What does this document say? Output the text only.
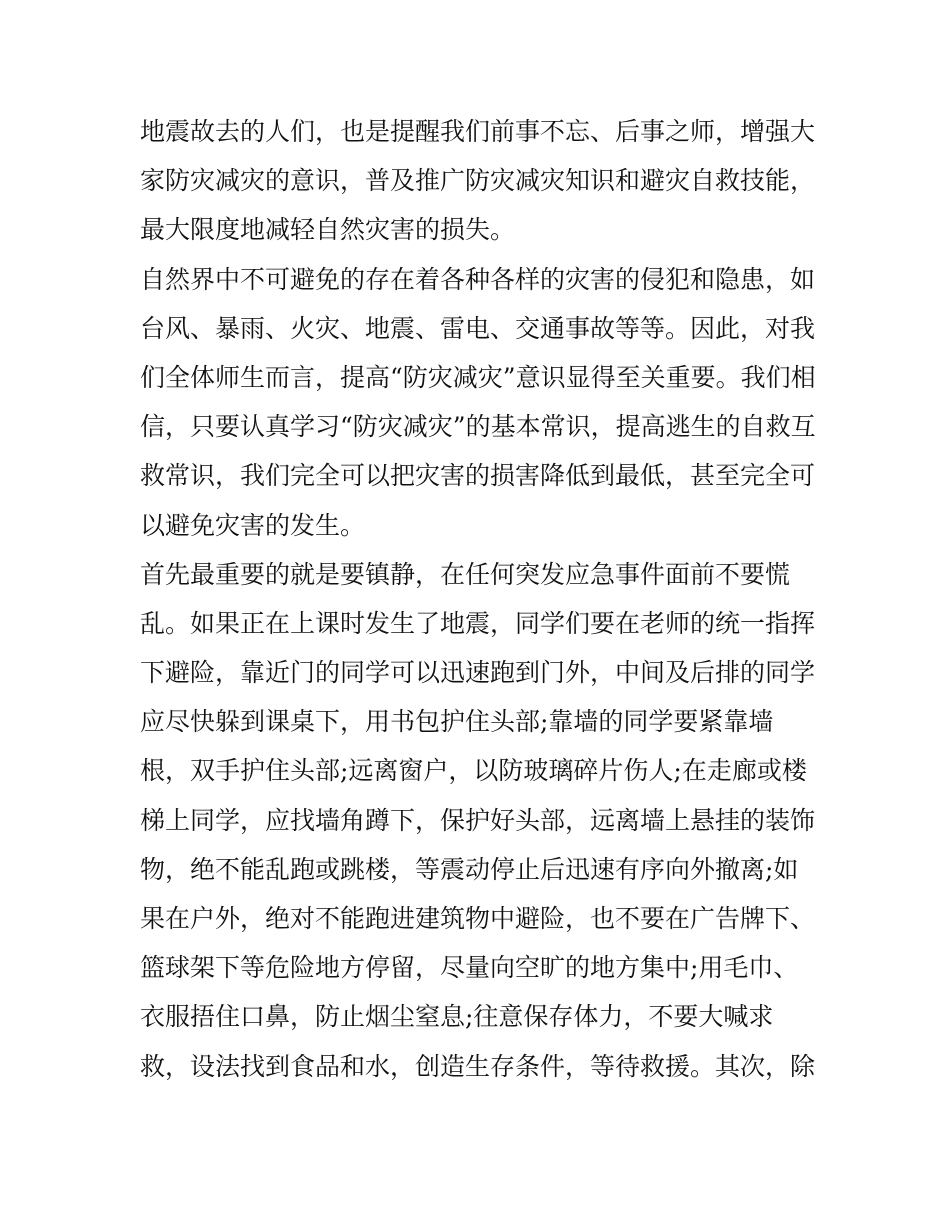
地震故去的人们，也是提醒我们前事不忘、后事之师，增强大
家防灾减灾的意识，普及推广防灾减灾知识和避灾自救技能，
最大限度地减轻自然灾害的损失。
自然界中不可避免的存在着各种各样的灾害的侵犯和隐患，如
台风、暴雨、火灾、地震、雷电、交通事故等等。因此，对我
们全体师生而言，提高“防灾减灾”意识显得至关重要。我们相
信，只要认真学习“防灾减灾”的基本常识，提高逃生的自救互
救常识，我们完全可以把灾害的损害降低到最低，甚至完全可
以避免灾害的发生。
首先最重要的就是要镇静，在任何突发应急事件面前不要慌
乱。如果正在上课时发生了地震，同学们要在老师的统一指挥
下避险，靠近门的同学可以迅速跑到门外，中间及后排的同学
应尽快躲到课桌下，用书包护住头部;靠墙的同学要紧靠墙
根，双手护住头部;远离窗户，以防玻璃碎片伤人;在走廊或楼
梯上同学，应找墙角蹲下，保护好头部，远离墙上悬挂的装饰
物，绝不能乱跑或跳楼，等震动停止后迅速有序向外撤离;如
果在户外，绝对不能跑进建筑物中避险，也不要在广告牌下、
篮球架下等危险地方停留，尽量向空旷的地方集中;用毛巾、
衣服捂住口鼻，防止烟尘窒息;往意保存体力，不要大喊求
救，设法找到食品和水，创造生存条件，等待救援。其次，除
